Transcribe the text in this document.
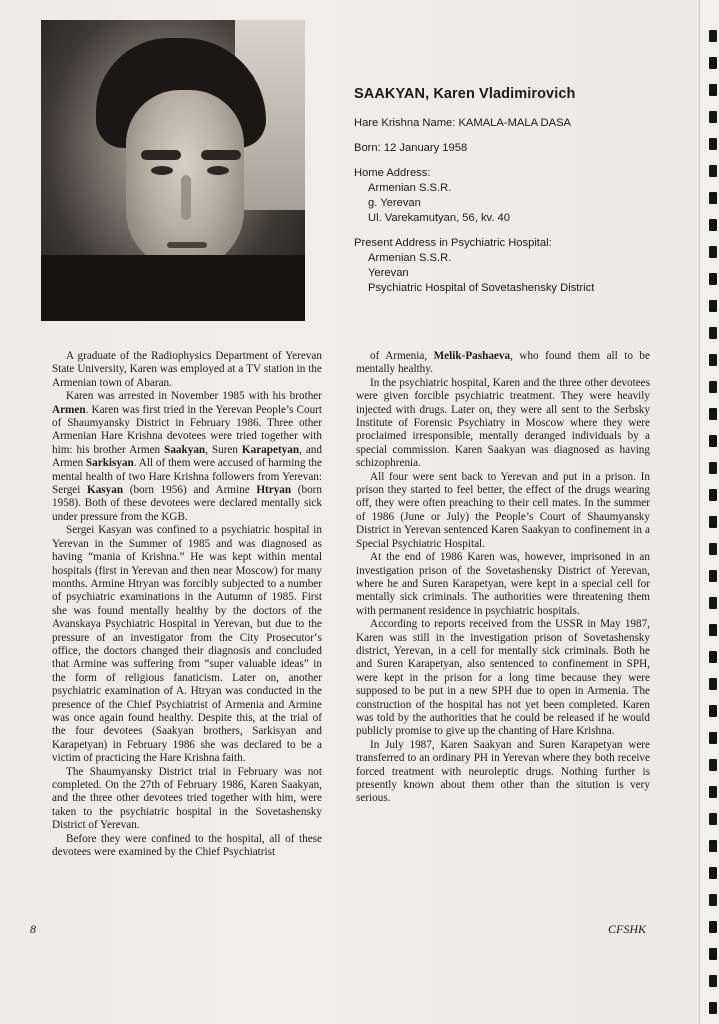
SAAKYAN, Karen Vladimirovich

Hare Krishna Name: KAMALA-MALA DASA

Born: 12 January 1958

Home Address:

Armenian S.S.R.

g. Yerevan

Ul. Varekamutyan, 56, kv. 40

Present Address in Psychiatric Hospital:

Armenian S.S.R.

Yerevan

Psychiatric Hospital of Sovetashensky District

A graduate of the Radiophysics Department of Yerevan State University, Karen was employed at a TV station in the Armenian town of Abaran.

Karen was arrested in November 1985 with his brother Armen. Karen was first tried in the Yerevan People’s Court of Shaumyansky District in February 1986. Three other Armenian Hare Krishna devotees were tried together with him: his brother Armen Saakyan, Suren Karapetyan, and Armen Sarkisyan. All of them were accused of harming the mental health of two Hare Krishna followers from Yerevan: Sergei Kasyan (born 1956) and Armine Htryan (born 1958). Both of these devotees were declared mentally sick under pressure from the KGB.

Sergei Kasyan was confined to a psychiatric hospital in Yerevan in the Summer of 1985 and was diagnosed as having “mania of Krishna.” He was kept within mental hospitals (first in Yerevan and then near Moscow) for many months. Armine Htryan was forcibly subjected to a number of psychiatric examinations in the Autumn of 1985. First she was found mentally healthy by the doctors of the Avanskaya Psychiatric Hospital in Yerevan, but due to the pressure of an investigator from the City Prosecutor‘s office, the doctors changed their diagnosis and concluded that Armine was suffering from “super valuable ideas” in the form of religious fanaticism. Later on, another psychiatric examination of A. Htryan was conducted in the presence of the Chief Psychiatrist of Armenia and Armine was once again found healthy. Despite this, at the trial of the four devotees (Saakyan brothers, Sarkisyan and Karapetyan) in February 1986 she was declared to be a victim of practicing the Hare Krishna faith.

The Shaumyansky District trial in February was not completed. On the 27th of February 1986, Karen Saakyan, and the three other devotees tried together with him, were taken to the psychiatric hospital in the Sovetashensky District of Yerevan.

Before they were confined to the hospital, all of these devotees were examined by the Chief Psychiatrist

of Armenia, Melik-Pashaeva, who found them all to be mentally healthy.

In the psychiatric hospital, Karen and the three other devotees were given forcible psychiatric treatment. They were heavily injected with drugs. Later on, they were all sent to the Serbsky Institute of Forensic Psychiatry in Moscow where they were proclaimed irresponsible, mentally deranged individuals by a special commission. Karen Saakyan was diagnosed as having schizophrenia.

All four were sent back to Yerevan and put in a prison. In prison they started to feel better, the effect of the drugs wearing off, they were often preaching to their cell mates. In the summer of 1986 (June or July) the People’s Court of Shaumyansky District in Yerevan sentenced Karen Saakyan to confinement in a Special Psychiatric Hospital.

At the end of 1986 Karen was, however, imprisoned in an investigation prison of the Sovetashensky District of Yerevan, where he and Suren Karapetyan, were kept in a special cell for mentally sick criminals. The authorities were threatening them with permanent residence in psychiatric hospitals.

According to reports received from the USSR in May 1987, Karen was still in the investigation prison of Sovetashensky district, Yerevan, in a cell for mentally sick criminals. Both he and Suren Karapetyan, also sentenced to confinement in SPH, were kept in the prison for a long time because they were supposed to be put in a new SPH due to open in Armenia. The construction of the hospital has not yet been completed. Karen was told by the authorities that he could be released if he would publicly promise to give up the chanting of Hare Krishna.

In July 1987, Karen Saakyan and Suren Karapetyan were transferred to an ordinary PH in Yerevan where they both receive forced treatment with neuroleptic drugs. Nothing further is presently known about them other than the sitution is very serious.

8	CFSHK
